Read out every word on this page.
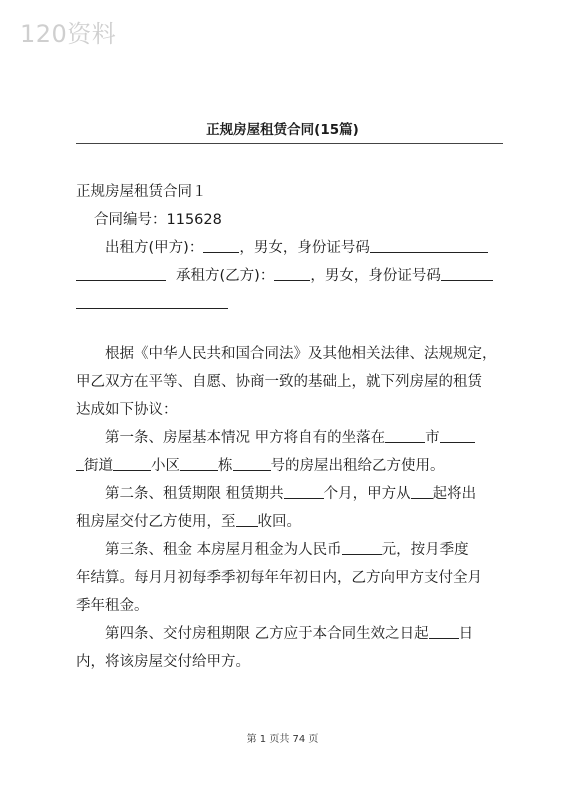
120资料
正规房屋租赁合同(15篇)
正规房屋租赁合同１
合同编号：115628
出租方(甲方)： ，男女，身份证号码
承租方(乙方)： ，男女，身份证号码
根据《中华人民共和国合同法》及其他相关法律、法规规定，
甲乙双方在平等、自愿、协商一致的基础上，就下列房屋的租赁
达成如下协议：
第一条、房屋基本情况 甲方将自有的坐落在	市
街道	小区	栋	号的房屋出租给乙方使用。
第二条、租赁期限 租赁期共	个月，甲方从 起将出
租房屋交付乙方使用，至 收回。
第三条、租金 本房屋月租金为人民币	元，按月季度
年结算。每月月初每季季初每年年初日内，乙方向甲方支付全月
季年租金。
第四条、交付房租期限 乙方应于本合同生效之日起 日
内，将该房屋交付给甲方。
第 1 页共 74 页
